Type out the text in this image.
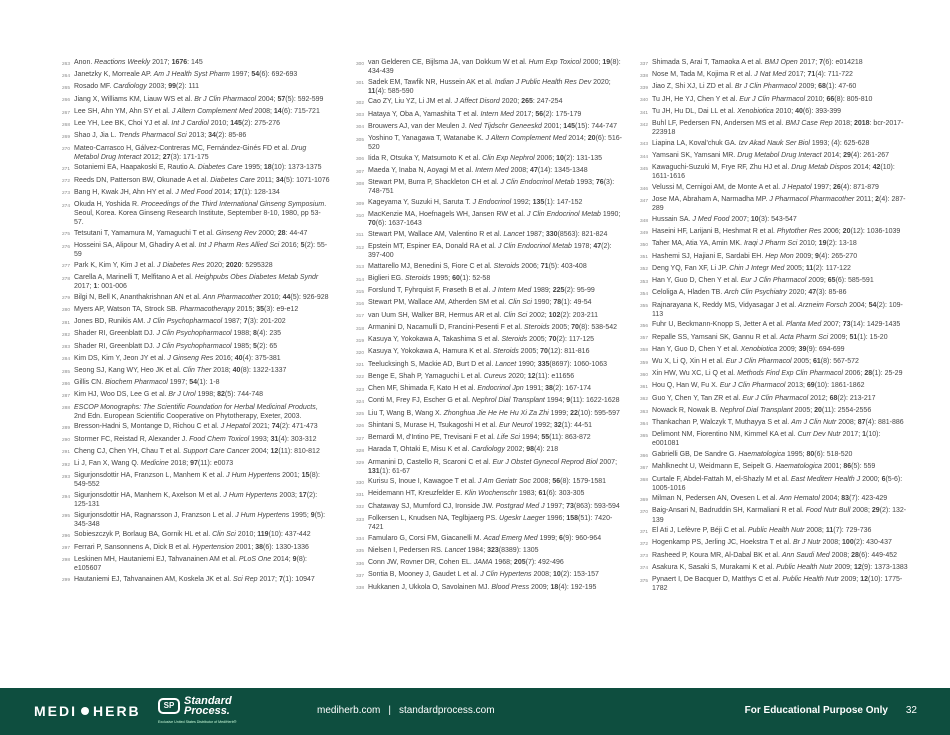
263 Anon. Reactions Weekly 2017; 1676: 145
264 Janetzky K, Morreale AP. Am J Health Syst Pharm 1997; 54(6): 692-693
265 Rosado MF. Cardiology 2003; 99(2): 111
266 Jiang X, Williams KM, Liauw WS et al. Br J Clin Pharmacol 2004; 57(5): 592-599
267 Lee SH, Ahn YM, Ahn SY et al. J Altern Complement Med 2008; 14(6): 715-721
268 Lee YH, Lee BK, Choi YJ et al. Int J Cardiol 2010; 145(2): 275-276
269 Shao J, Jia L. Trends Pharmacol Sci 2013; 34(2): 85-86
270 Mateo-Carrasco H, Gálvez-Contreras MC, Fernández-Ginés FD et al. Drug Metabol Drug Interact 2012; 27(3): 171-175
271 Sotaniemi EA, Haapakoski E, Rautio A. Diabetes Care 1995; 18(10): 1373-1375
272 Reeds DN, Patterson BW, Okunade A et al. Diabetes Care 2011; 34(5): 1071-1076
273 Bang H, Kwak JH, Ahn HY et al. J Med Food 2014; 17(1): 128-134
274 Okuda H, Yoshida R. Proceedings of the Third International Ginseng Symposium. Seoul, Korea. Korea Ginseng Research Institute, September 8-10, 1980, pp 53-57.
275 Tetsutani T, Yamamura M, Yamaguchi T et al. Ginseng Rev 2000; 28: 44-47
276 Hosseini SA, Alipour M, Ghadiry A et al. Int J Pharm Res Allied Sci 2016; 5(2): 55-59
277 Park K, Kim Y, Kim J et al. J Diabetes Res 2020; 2020: 5295328
278 Carella A, Marinelli T, Melfitano A et al. Heighpubs Obes Diabetes Metab Syndr 2017; 1: 001-006
279 Bilgi N, Bell K, Ananthakrishnan AN et al. Ann Pharmacother 2010; 44(5): 926-928
280 Myers AP, Watson TA, Strock SB. Pharmacotherapy 2015; 35(3): e9-e12
281 Jones BD, Runikis AM. J Clin Psychopharmacol 1987; 7(3): 201-202
282 Shader RI, Greenblatt DJ. J Clin Psychopharmacol 1988; 8(4): 235
283 Shader RI, Greenblatt DJ. J Clin Psychopharmacol 1985; 5(2): 65
284 Kim DS, Kim Y, Jeon JY et al. J Ginseng Res 2016; 40(4): 375-381
285 Seong SJ, Kang WY, Heo JK et al. Clin Ther 2018; 40(8): 1322-1337
286 Gillis CN. Biochem Pharmacol 1997; 54(1): 1-8
287 Kim HJ, Woo DS, Lee G et al. Br J Urol 1998; 82(5): 744-748
288 ESCOP Monographs: The Scientific Foundation for Herbal Medicinal Products, 2nd Edn. European Scientific Cooperative on Phytotherapy, Exeter, 2003.
289 Bresson-Hadni S, Montange D, Richou C et al. J Hepatol 2021; 74(2): 471-473
290 Stormer FC, Reistad R, Alexander J. Food Chem Toxicol 1993; 31(4): 303-312
291 Cheng CJ, Chen YH, Chau T et al. Support Care Cancer 2004; 12(11): 810-812
292 Li J, Fan X, Wang Q. Medicine 2018; 97(11): e0073
293 Sigurjonsdottir HA, Franzson L, Manhem K et al. J Hum Hypertens 2001; 15(8): 549-552
294 Sigurjonsdottir HA, Manhem K, Axelson M et al. J Hum Hypertens 2003; 17(2): 125-131
295 Sigurjonsdottir HA, Ragnarsson J, Franzson L et al. J Hum Hypertens 1995; 9(5): 345-348
296 Sobieszczyk P, Borlaug BA, Gornik HL et al. Clin Sci 2010; 119(10): 437-442
297 Ferrari P, Sansonnens A, Dick B et al. Hypertension 2001; 38(6): 1330-1336
298 Leskinen MH, Hautaniemi EJ, Tahvanainen AM et al. PLoS One 2014; 9(8): e105607
299 Hautaniemi EJ, Tahvanainen AM, Koskela JK et al. Sci Rep 2017; 7(1): 10947
300 van Gelderen CE, Bijlsma JA, van Dokkum W et al. Hum Exp Toxicol 2000; 19(8): 434-439
301 Sadek EM, Tawfik NR, Hussein AK et al. Indian J Public Health Res Dev 2020; 11(4): 585-590
302 Cao ZY, Liu YZ, Li JM et al. J Affect Disord 2020; 265: 247-254
303 Hataya Y, Oba A, Yamashita T et al. Intern Med 2017; 56(2): 175-179
304 Brouwers AJ, van der Meulen J. Ned Tijdschr Geneeskd 2001; 145(15): 744-747
305 Yoshino T, Yanagawa T, Watanabe K. J Altern Complement Med 2014; 20(6): 516-520
306 Iida R, Otsuka Y, Matsumoto K et al. Clin Exp Nephrol 2006; 10(2): 131-135
307 Maeda Y, Inaba N, Aoyagi M et al. Intern Med 2008; 47(14): 1345-1348
308 Stewart PM, Burra P, Shackleton CH et al. J Clin Endocrinol Metab 1993; 76(3): 748-751
309 Kageyama Y, Suzuki H, Saruta T. J Endocrinol 1992; 135(1): 147-152
310 MacKenzie MA, Hoefnagels WH, Jansen RW et al. J Clin Endocrinol Metab 1990; 70(6): 1637-1643
311 Stewart PM, Wallace AM, Valentino R et al. Lancet 1987; 330(8563): 821-824
312 Epstein MT, Espiner EA, Donald RA et al. J Clin Endocrinol Metab 1978; 47(2): 397-400
313 Mattarello MJ, Benedini S, Fiore C et al. Steroids 2006; 71(5): 403-408
314 Biglieri EG. Steroids 1995; 60(1): 52-58
315 Forslund T, Fyhrquist F, Frøseth B et al. J Intern Med 1989; 225(2): 95-99
316 Stewart PM, Wallace AM, Atherden SM et al. Clin Sci 1990; 78(1): 49-54
317 van Uum SH, Walker BR, Hermus AR et al. Clin Sci 2002; 102(2): 203-211
318 Armanini D, Nacamulli D, Francini-Pesenti F et al. Steroids 2005; 70(8): 538-542
319 Kasuya Y, Yokokawa A, Takashima S et al. Steroids 2005; 70(2): 117-125
320 Kasuya Y, Yokokawa A, Hamura K et al. Steroids 2005; 70(12): 811-816
321 Teelucksingh S, Mackie AD, Burt D et al. Lancet 1990; 335(8697): 1060-1063
322 Benge E, Shah P, Yamaguchi L et al. Cureus 2020; 12(11): e11656
323 Chen MF, Shimada F, Kato H et al. Endocrinol Jpn 1991; 38(2): 167-174
324 Conti M, Frey FJ, Escher G et al. Nephrol Dial Transplant 1994; 9(11): 1622-1628
325 Liu T, Wang B, Wang X. Zhonghua Jie He He Hu Xi Za Zhi 1999; 22(10): 595-597
326 Shintani S, Murase H, Tsukagoshi H et al. Eur Neurol 1992; 32(1): 44-51
327 Bernardi M, d'Intino PE, Trevisani F et al. Life Sci 1994; 55(11): 863-872
328 Harada T, Ohtaki E, Misu K et al. Cardiology 2002; 98(4): 218
329 Armanini D, Castello R, Scaroni C et al. Eur J Obstet Gynecol Reprod Biol 2007; 131(1): 61-67
330 Kurisu S, Inoue I, Kawagoe T et al. J Am Geriatr Soc 2008; 56(8): 1579-1581
331 Heidemann HT, Kreuzfelder E. Klin Wochenschr 1983; 61(6): 303-305
332 Chataway SJ, Mumford CJ, Ironside JW. Postgrad Med J 1997; 73(863): 593-594
333 Folkersen L, Knudsen NA, Teglbjaerg PS. Ugeskr Laeger 1996; 158(51): 7420-7421
334 Famularo G, Corsi FM, Giacanelli M. Acad Emerg Med 1999; 6(9): 960-964
335 Nielsen I, Pedersen RS. Lancet 1984; 323(8389): 1305
336 Conn JW, Rovner DR, Cohen EL. JAMA 1968; 205(7): 492-496
337 Sontia B, Mooney J, Gaudet L et al. J Clin Hypertens 2008; 10(2): 153-157
338 Hukkanen J, Ukkola O, Savolainen MJ. Blood Press 2009; 18(4): 192-195
337 Shimada S, Arai T, Tamaoka A et al. BMJ Open 2017; 7(6): e014218
338 Nose M, Tada M, Kojima R et al. J Nat Med 2017; 71(4): 711-722
339 Jiao Z, Shi XJ, Li ZD et al. Br J Clin Pharmacol 2009; 68(1): 47-60
340 Tu JH, He YJ, Chen Y et al. Eur J Clin Pharmacol 2010; 66(8): 805-810
341 Tu JH, Hu DL, Dai LL et al. Xenobiotica 2010; 40(6): 393-399
342 Buhl LF, Pedersen FN, Andersen MS et al. BMJ Case Rep 2018; 2018: bcr-2017-223918
343 Liapina LA, Koval'chuk GA. Izv Akad Nauk Ser Biol 1993; (4): 625-628
344 Yamsani SK, Yamsani MR. Drug Metabol Drug Interact 2014; 29(4): 261-267
345 Kawaguchi-Suzuki M, Frye RF, Zhu HJ et al. Drug Metab Dispos 2014; 42(10): 1611-1616
346 Velussi M, Cernigoi AM, de Monte A et al. J Hepatol 1997; 26(4): 871-879
347 Jose MA, Abraham A, Narmadha MP. J Pharmacol Pharmacother 2011; 2(4): 287-289
348 Hussain SA. J Med Food 2007; 10(3): 543-547
349 Haseini HF, Larijani B, Heshmat R et al. Phytother Res 2006; 20(12): 1036-1039
350 Taher MA, Atia YA, Amin MK. Iraqi J Pharm Sci 2010; 19(2): 13-18
351 Hashemi SJ, Hajiani E, Sardabi EH. Hep Mon 2009; 9(4): 265-270
352 Deng YQ, Fan XF, Li JP. Chin J Integr Med 2005; 11(2): 117-122
353 Han Y, Guo D, Chen Y et al. Eur J Clin Pharmacol 2009; 65(6): 585-591
354 Celoliga A, Hladen TB. Arch Clin Psychiatry 2020; 47(3): 85-86
355 Rajnarayana K, Reddy MS, Vidyasagar J et al. Arzneim Forsch 2004; 54(2): 109-113
356 Fuhr U, Beckmann-Knopp S, Jetter A et al. Planta Med 2007; 73(14): 1429-1435
357 Repalle SS, Yamsani SK, Gannu R et al. Acta Pharm Sci 2009; 51(1): 15-20
358 Han Y, Guo D, Chen Y et al. Xenobiotica 2009; 39(9): 694-699
359 Wu X, Li Q, Xin H et al. Eur J Clin Pharmacol 2005; 61(8): 567-572
360 Xin HW, Wu XC, Li Q et al. Methods Find Exp Clin Pharmacol 2006; 28(1): 25-29
361 Hou Q, Han W, Fu X. Eur J Clin Pharmacol 2013; 69(10): 1861-1862
362 Guo Y, Chen Y, Tan ZR et al. Eur J Clin Pharmacol 2012; 68(2): 213-217
363 Nowack R, Nowak B. Nephrol Dial Transplant 2005; 20(11): 2554-2556
364 Thankachan P, Walczyk T, Muthayya S et al. Am J Clin Nutr 2008; 87(4): 881-886
365 Delimont NM, Fiorentino NM, Kimmel KA et al. Curr Dev Nutr 2017; 1(10): e001081
366 Gabrielli GB, De Sandre G. Haematologica 1995; 80(6): 518-520
367 Mahlknecht U, Weidmann E, Seipelt G. Haematologica 2001; 86(5): 559
368 Curtale F, Abdel-Fattah M, el-Shazly M et al. East Mediterr Health J 2000; 6(5-6): 1005-1016
369 Milman N, Pedersen AN, Ovesen L et al. Ann Hematol 2004; 83(7): 423-429
370 Baig-Ansari N, Badruddin SH, Karmaliani R et al. Food Nutr Bull 2008; 29(2): 132-139
371 El Ati J, Lefèvre P, Béji C et al. Public Health Nutr 2008; 11(7): 729-736
372 Hogenkamp PS, Jerling JC, Hoekstra T et al. Br J Nutr 2008; 100(2): 430-437
373 Rasheed P, Koura MR, Al-Dabal BK et al. Ann Saudi Med 2008; 28(6): 449-452
374 Asakura K, Sasaki S, Murakami K et al. Public Health Nutr 2009; 12(9): 1373-1383
375 Pynaert I, De Bacquer D, Matthys C et al. Public Health Nutr 2009; 12(10): 1775-1782
MEDI HERB	SP Standard
Process.
Exclusive United States Distributor of MediHerb®
mediherb.com | standardprocess.com	For Educational Purpose Only 32
